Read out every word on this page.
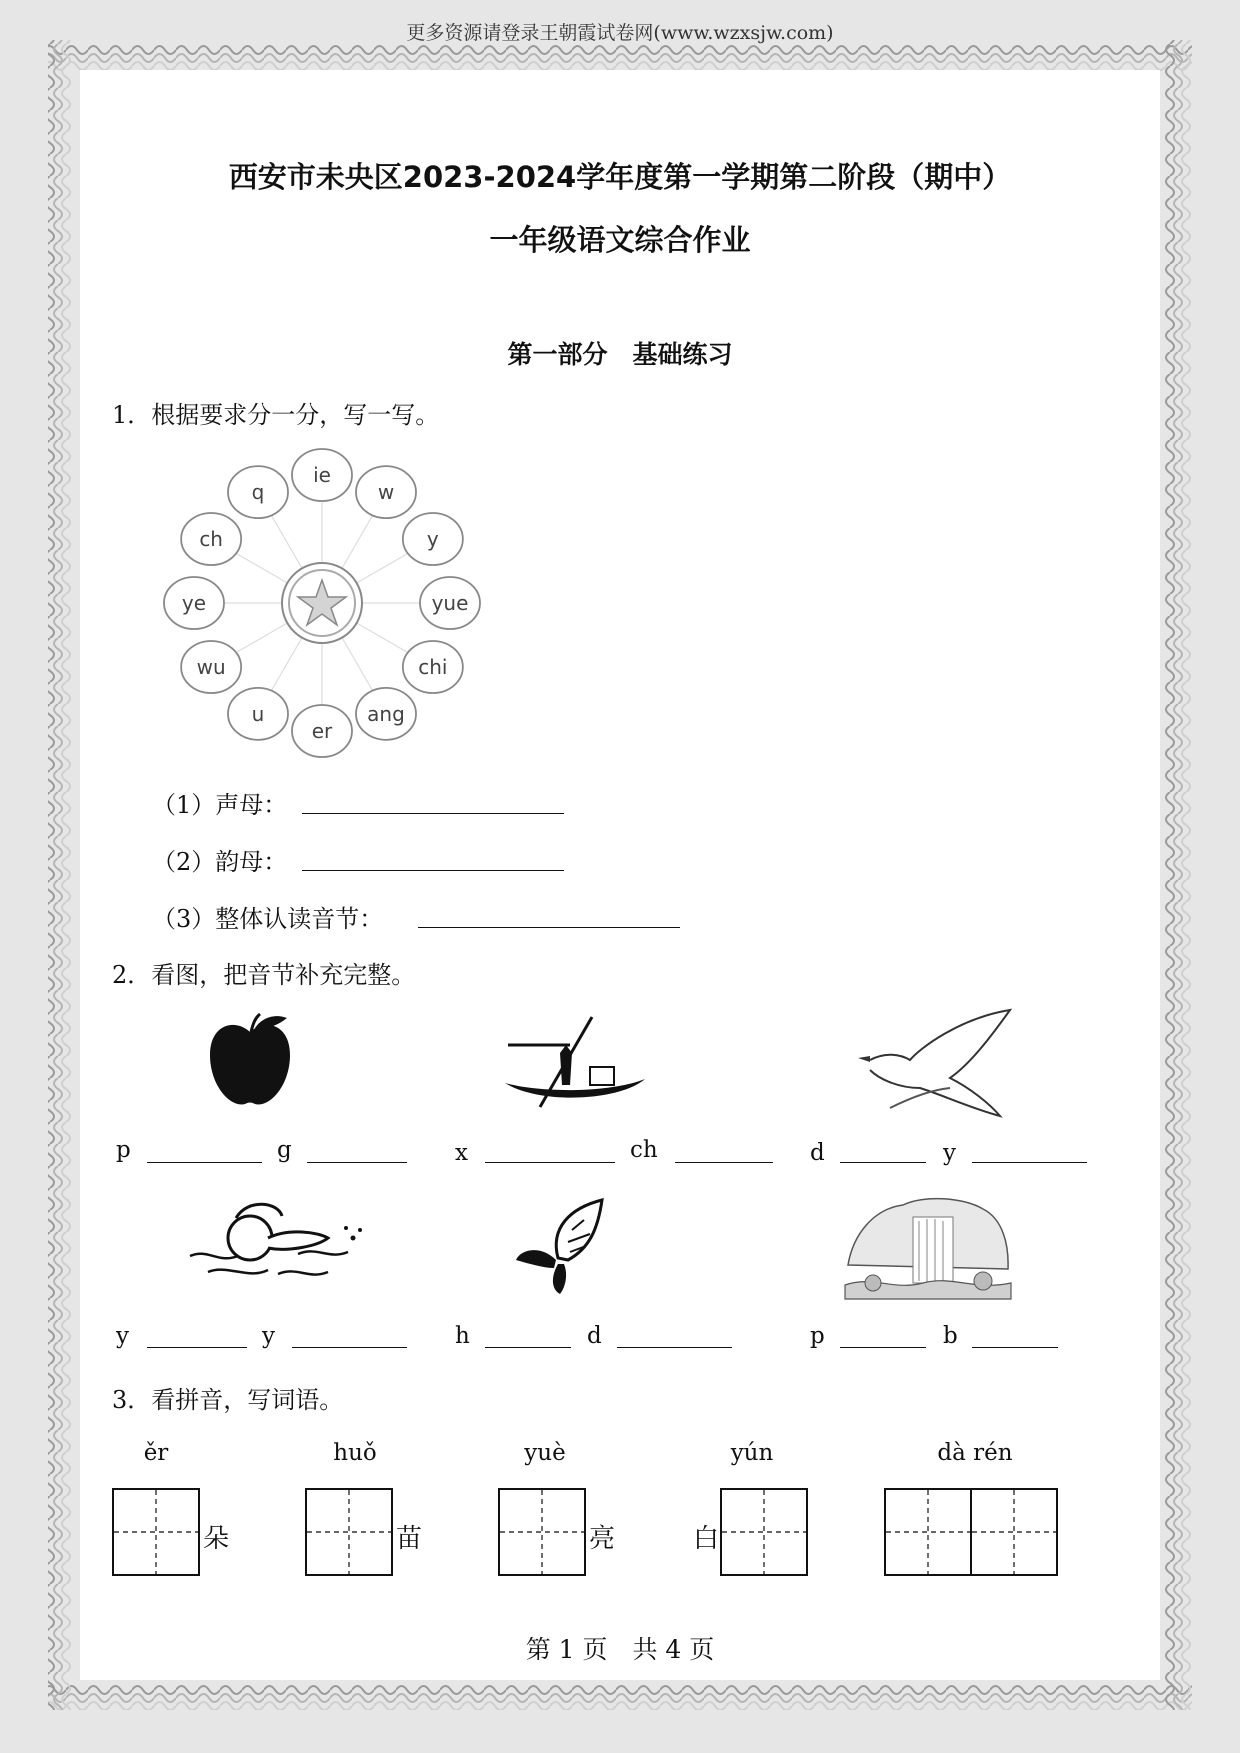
更多资源请登录王朝霞试卷网(www.wzxsjw.com)
西安市未央区2023-2024学年度第一学期第二阶段（期中）
一年级语文综合作业
第一部分　基础练习
1．根据要求分一分，写一写。
ie
w
y
yue
chi
ang
er
u
wu
ye
ch
q
（1）声母：
（2）韵母：
（3）整体认读音节：
2．看图，把音节补充完整。
p	g	x	ch	d	y
y	y	h	d	p	b
3．看拼音，写词语。
ěr	huǒ	yuè	yún	dà rén
朵	苗	亮	白
第 1 页　共 4 页
